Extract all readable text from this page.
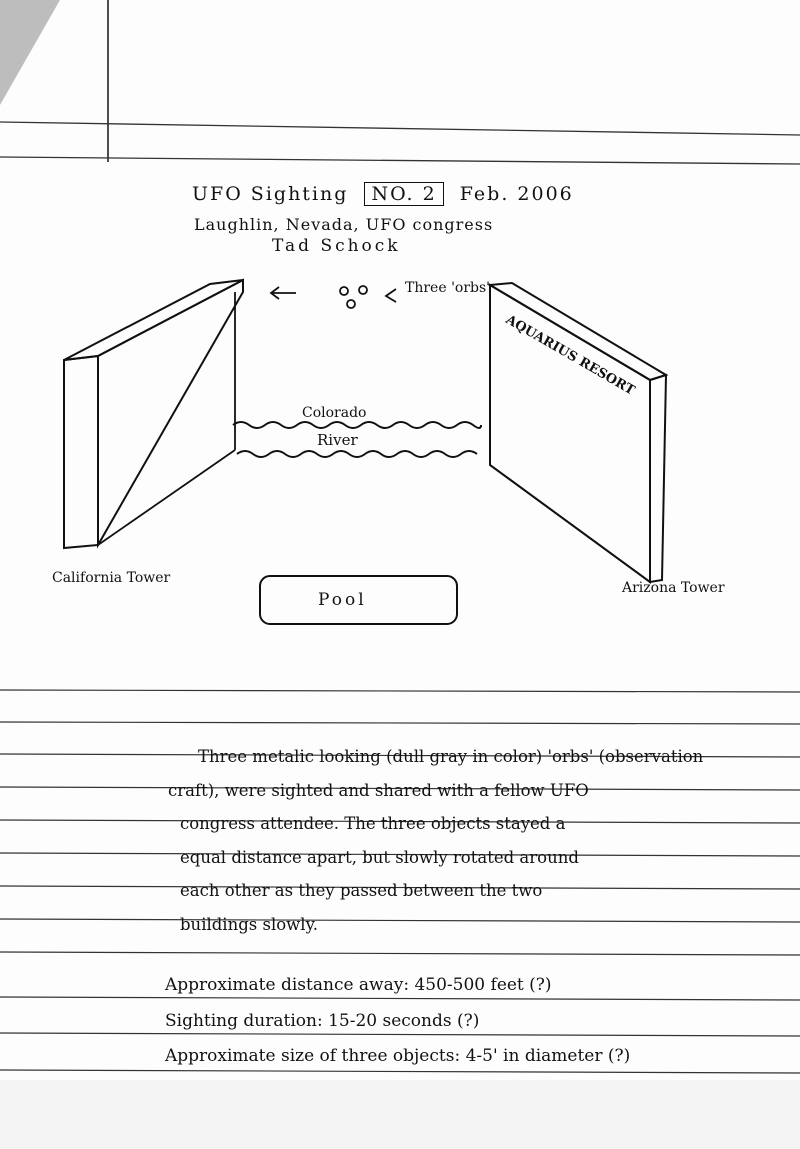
Three 'orbs'
Colorado
River
AQUARIUS RESORT
California Tower
Arizona Tower
Pool
UFO Sighting NO. 2 Feb. 2006
Laughlin, Nevada, UFO congress
Tad Schock
Three metalic looking (dull gray in color) 'orbs' (observation
craft), were sighted and shared with a fellow UFO
congress attendee. The three objects stayed a
equal distance apart, but slowly rotated around
each other as they passed between the two
buildings slowly.
Approximate distance away: 450-500 feet (?)
Sighting duration: 15-20 seconds (?)
Approximate size of three objects: 4-5' in diameter (?)
